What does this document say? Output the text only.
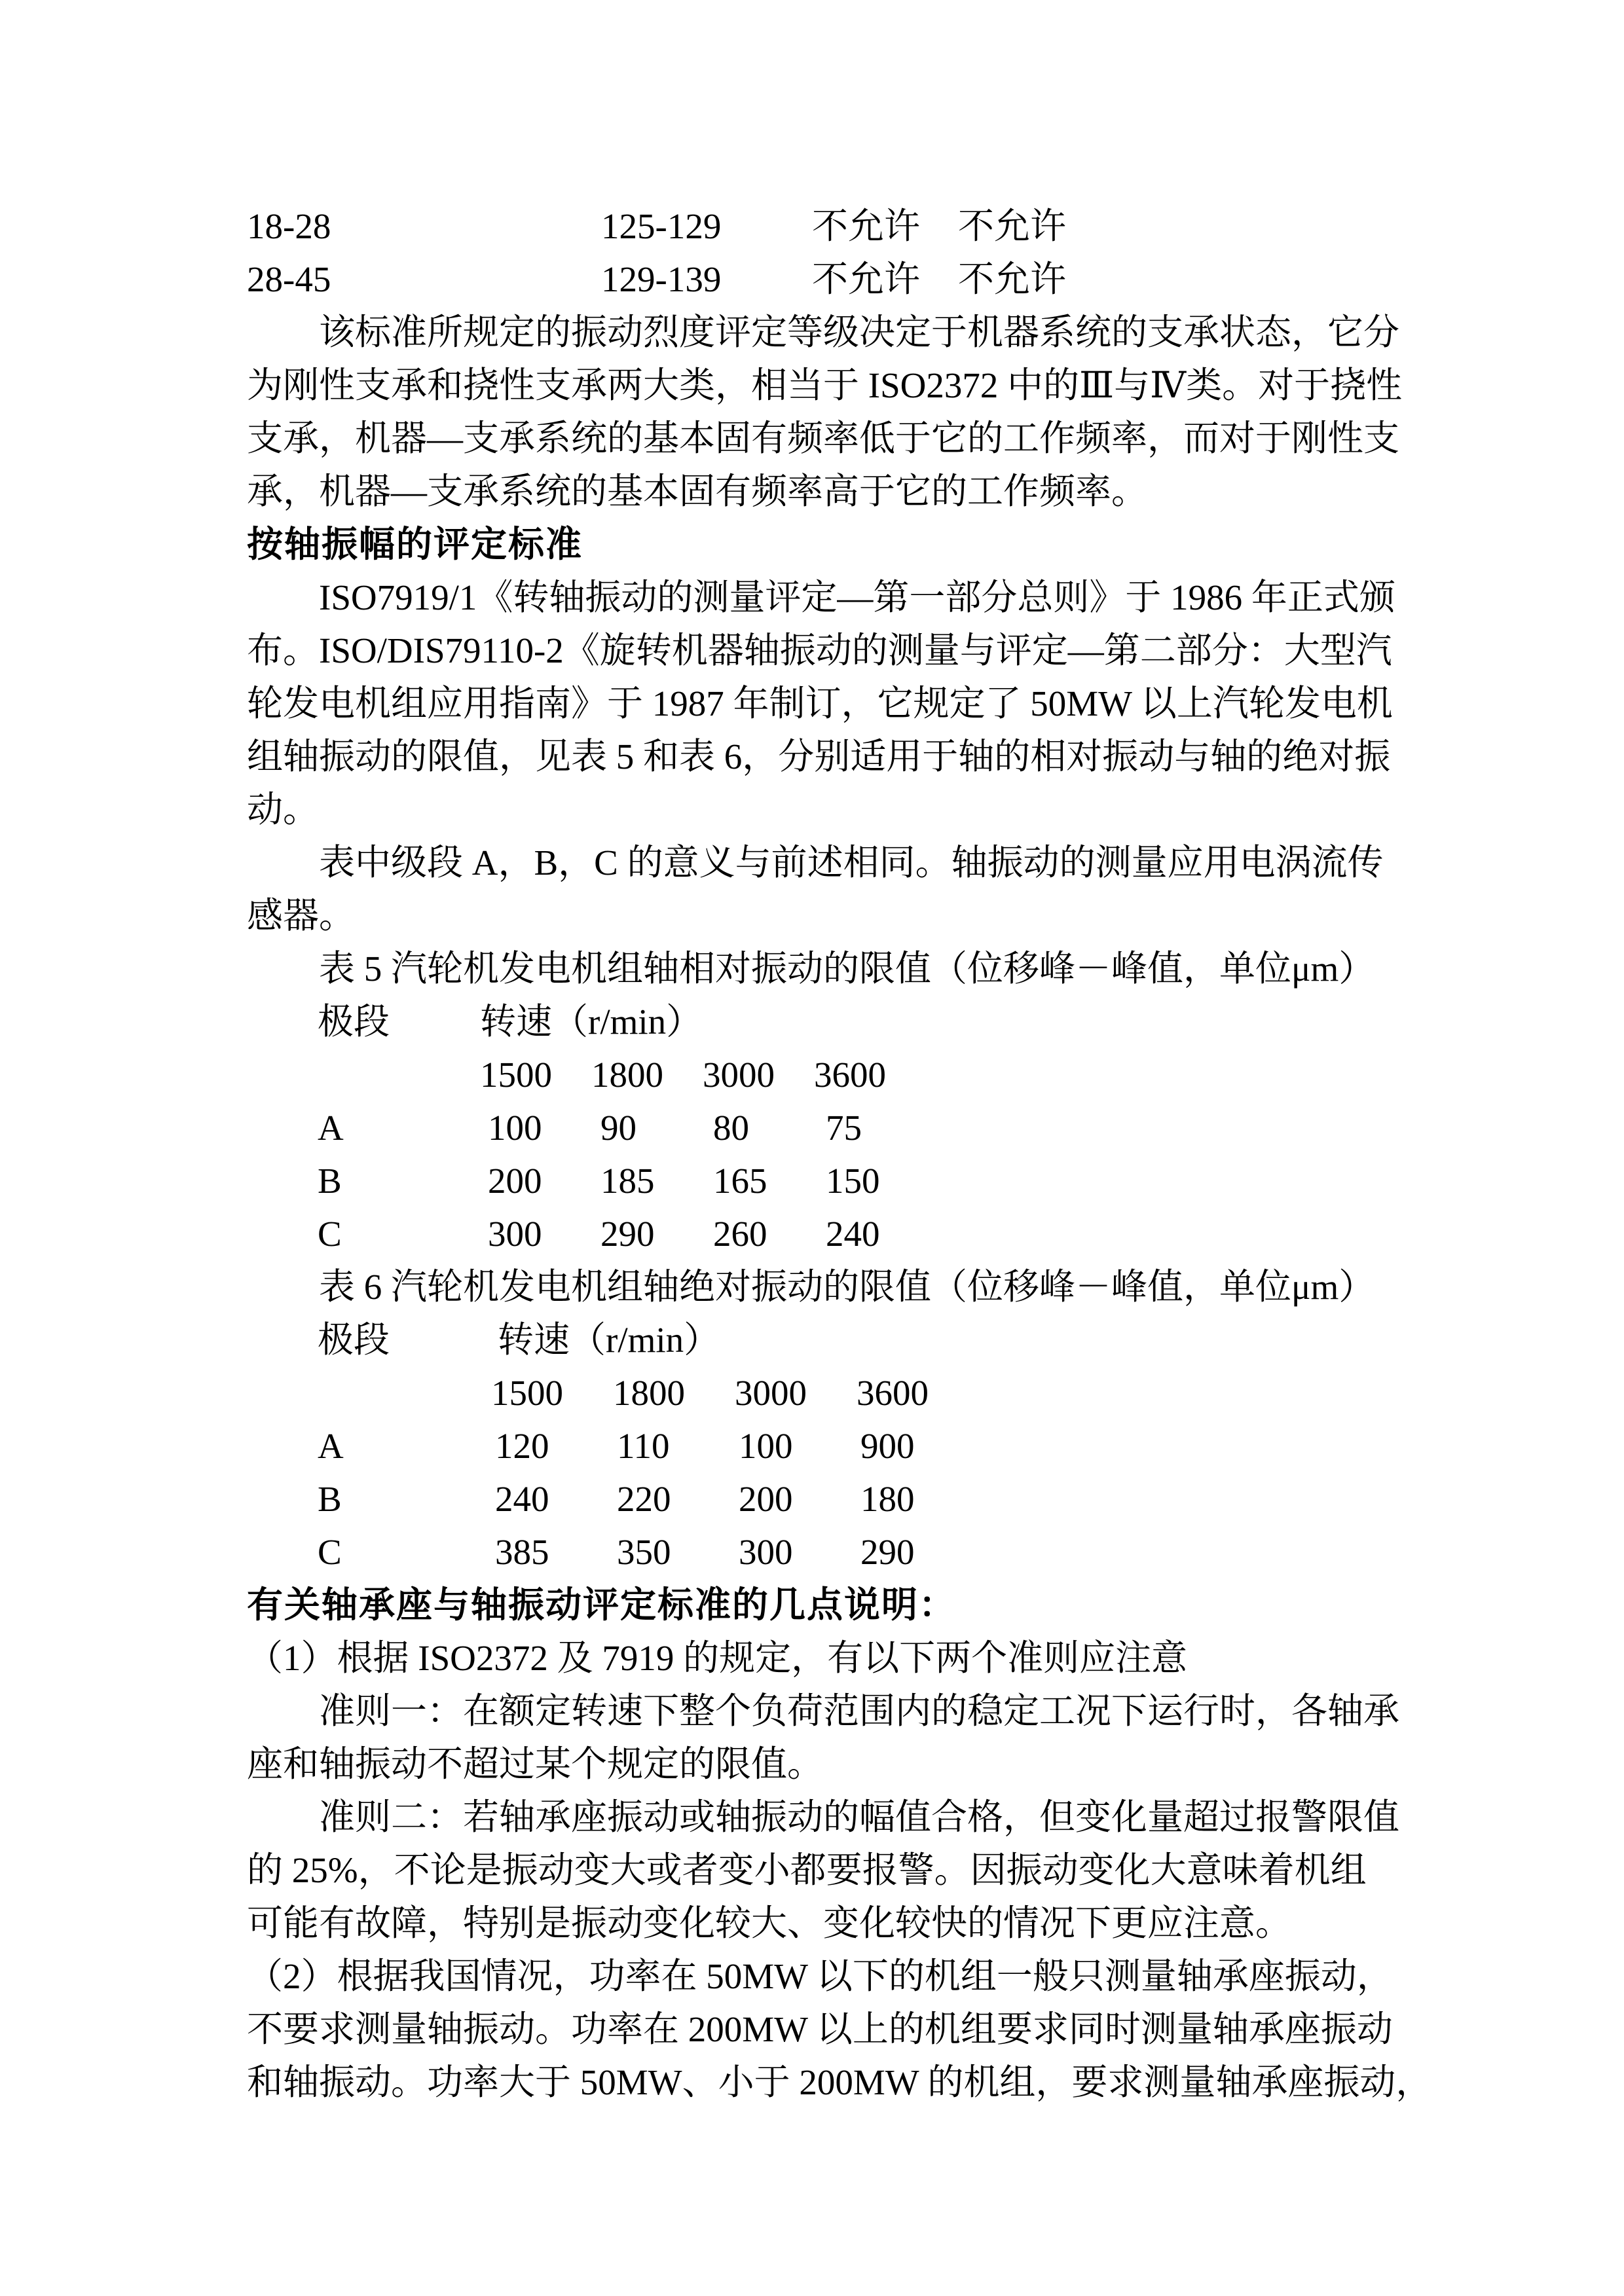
18-28	125-129	不允许 不允许
28-45	129-139	不允许 不允许
该标准所规定的振动烈度评定等级决定于机器系统的支承状态，它分
为刚性支承和挠性支承两大类，相当于 ISO2372 中的Ⅲ与Ⅳ类。对于挠性
支承，机器—支承系统的基本固有频率低于它的工作频率，而对于刚性支
承，机器—支承系统的基本固有频率高于它的工作频率。
按轴振幅的评定标准
ISO7919/1《转轴振动的测量评定—第一部分总则》于 1986 年正式颁
布。ISO/DIS79110-2《旋转机器轴振动的测量与评定—第二部分：大型汽
轮发电机组应用指南》于 1987 年制订，它规定了 50MW 以上汽轮发电机
组轴振动的限值，见表 5 和表 6，分别适用于轴的相对振动与轴的绝对振
动。
表中级段 A，B，C 的意义与前述相同。轴振动的测量应用电涡流传
感器。
表 5 汽轮机发电机组轴相对振动的限值（位移峰－峰值，单位μm）
极段	转速（r/min）
1500 1800 3000 3600
A	100 90 80 75
B	200 185 165 150
C	300 290 260 240
表 6 汽轮机发电机组轴绝对振动的限值（位移峰－峰值，单位μm）
极段	转速（r/min）
1500 1800 3000 3600
A	120 110 100 900
B	240 220 200 180
C	385 350 300 290
有关轴承座与轴振动评定标准的几点说明：
（1）根据 ISO2372 及 7919 的规定，有以下两个准则应注意
准则一：在额定转速下整个负荷范围内的稳定工况下运行时，各轴承
座和轴振动不超过某个规定的限值。
准则二：若轴承座振动或轴振动的幅值合格，但变化量超过报警限值
的 25%，不论是振动变大或者变小都要报警。因振动变化大意味着机组
可能有故障，特别是振动变化较大、变化较快的情况下更应注意。
（2）根据我国情况，功率在 50MW 以下的机组一般只测量轴承座振动，
不要求测量轴振动。功率在 200MW 以上的机组要求同时测量轴承座振动
和轴振动。功率大于 50MW、小于 200MW 的机组，要求测量轴承座振动，
